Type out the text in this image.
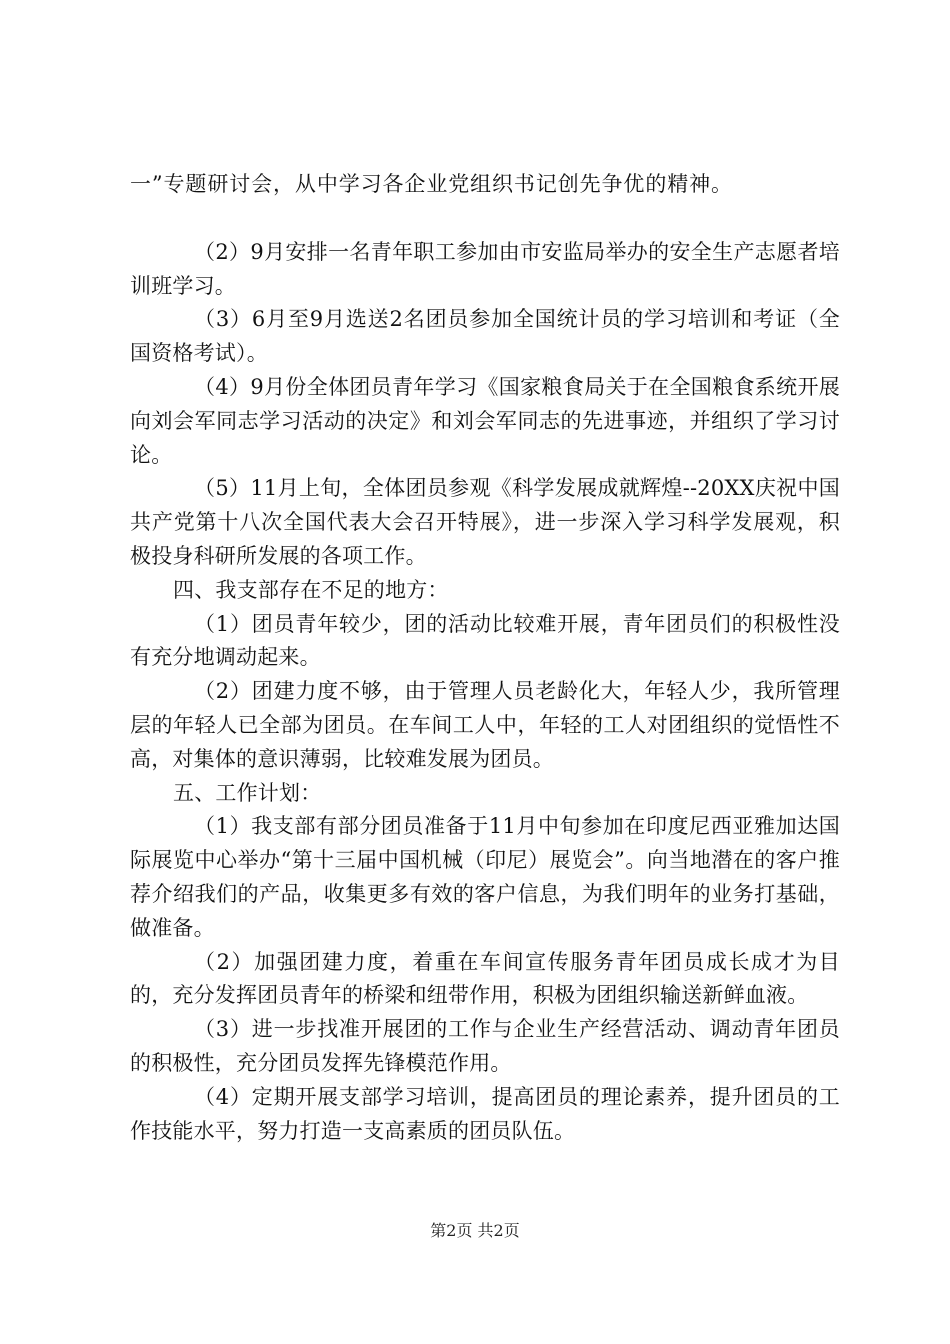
一”专题研讨会，从中学习各企业党组织书记创先争优的精神。

（2）9月安排一名青年职工参加由市安监局举办的安全生产志愿者培训班学习。

（3）6月至9月选送2名团员参加全国统计员的学习培训和考证（全国资格考试）。

（4）9月份全体团员青年学习《国家粮食局关于在全国粮食系统开展向刘会军同志学习活动的决定》和刘会军同志的先进事迹，并组织了学习讨论。

（5）11月上旬，全体团员参观《科学发展成就辉煌--20XX庆祝中国共产党第十八次全国代表大会召开特展》，进一步深入学习科学发展观，积极投身科研所发展的各项工作。

四、我支部存在不足的地方：

（1）团员青年较少，团的活动比较难开展，青年团员们的积极性没有充分地调动起来。

（2）团建力度不够，由于管理人员老龄化大，年轻人少，我所管理层的年轻人已全部为团员。在车间工人中，年轻的工人对团组织的觉悟性不高，对集体的意识薄弱，比较难发展为团员。

五、工作计划：

（1）我支部有部分团员准备于11月中旬参加在印度尼西亚雅加达国际展览中心举办“第十三届中国机械（印尼）展览会”。向当地潜在的客户推荐介绍我们的产品，收集更多有效的客户信息，为我们明年的业务打基础，做准备。

（2）加强团建力度，着重在车间宣传服务青年团员成长成才为目的，充分发挥团员青年的桥梁和纽带作用，积极为团组织输送新鲜血液。

（3）进一步找准开展团的工作与企业生产经营活动、调动青年团员的积极性，充分团员发挥先锋模范作用。

（4）定期开展支部学习培训，提高团员的理论素养，提升团员的工作技能水平，努力打造一支高素质的团员队伍。

第2页 共2页
